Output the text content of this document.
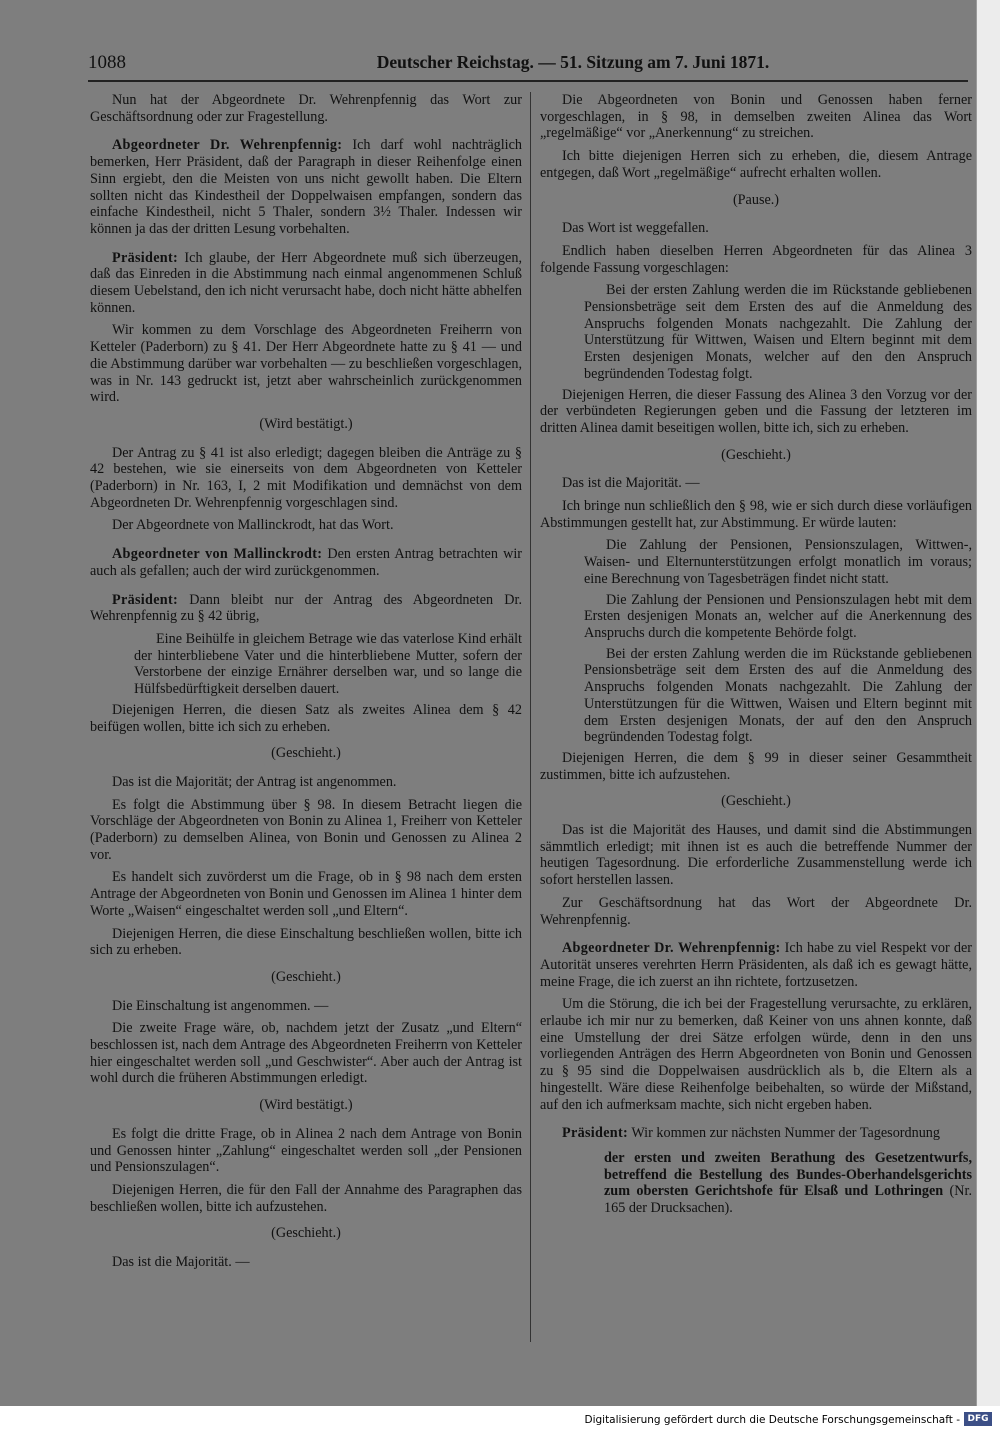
1088	Deutscher Reichstag. — 51. Sitzung am 7. Juni 1871.

Nun hat der Abgeordnete Dr. Wehrenpfennig das Wort zur Geschäftsordnung oder zur Fragestellung.

Abgeordneter Dr. Wehrenpfennig: Ich darf wohl nachträglich bemerken, Herr Präsident, daß der Paragraph in dieser Reihenfolge einen Sinn ergiebt, den die Meisten von uns nicht gewollt haben. Die Eltern sollten nicht das Kindestheil der Doppelwaisen empfangen, sondern das einfache Kindestheil, nicht 5 Thaler, sondern 3½ Thaler. Indessen wir können ja das der dritten Lesung vorbehalten.

Präsident: Ich glaube, der Herr Abgeordnete muß sich überzeugen, daß das Einreden in die Abstimmung nach einmal angenommenen Schluß diesem Uebelstand, den ich nicht verursacht habe, doch nicht hätte abhelfen können.

Wir kommen zu dem Vorschlage des Abgeordneten Freiherrn von Ketteler (Paderborn) zu § 41. Der Herr Abgeordnete hatte zu § 41 — und die Abstimmung darüber war vorbehalten — zu beschließen vorgeschlagen, was in Nr. 143 gedruckt ist, jetzt aber wahrscheinlich zurückgenommen wird.

(Wird bestätigt.)

Der Antrag zu § 41 ist also erledigt; dagegen bleiben die Anträge zu § 42 bestehen, wie sie einerseits von dem Abgeordneten von Ketteler (Paderborn) in Nr. 163, I, 2 mit Modifikation und demnächst von dem Abgeordneten Dr. Wehrenpfennig vorgeschlagen sind.

Der Abgeordnete von Mallinckrodt, hat das Wort.

Abgeordneter von Mallinckrodt: Den ersten Antrag betrachten wir auch als gefallen; auch der wird zurückgenommen.

Präsident: Dann bleibt nur der Antrag des Abgeordneten Dr. Wehrenpfennig zu § 42 übrig,

Eine Beihülfe in gleichem Betrage wie das vaterlose Kind erhält der hinterbliebene Vater und die hinterbliebene Mutter, sofern der Verstorbene der einzige Ernährer derselben war, und so lange die Hülfsbedürftigkeit derselben dauert.

Diejenigen Herren, die diesen Satz als zweites Alinea dem § 42 beifügen wollen, bitte ich sich zu erheben.

(Geschieht.)

Das ist die Majorität; der Antrag ist angenommen.

Es folgt die Abstimmung über § 98. In diesem Betracht liegen die Vorschläge der Abgeordneten von Bonin zu Alinea 1, Freiherr von Ketteler (Paderborn) zu demselben Alinea, von Bonin und Genossen zu Alinea 2 vor.

Es handelt sich zuvörderst um die Frage, ob in § 98 nach dem ersten Antrage der Abgeordneten von Bonin und Genossen im Alinea 1 hinter dem Worte „Waisen“ eingeschaltet werden soll „und Eltern“.

Diejenigen Herren, die diese Einschaltung beschließen wollen, bitte ich sich zu erheben.

(Geschieht.)

Die Einschaltung ist angenommen. —

Die zweite Frage wäre, ob, nachdem jetzt der Zusatz „und Eltern“ beschlossen ist, nach dem Antrage des Abgeordneten Freiherrn von Ketteler hier eingeschaltet werden soll „und Geschwister“. Aber auch der Antrag ist wohl durch die früheren Abstimmungen erledigt.

(Wird bestätigt.)

Es folgt die dritte Frage, ob in Alinea 2 nach dem Antrage von Bonin und Genossen hinter „Zahlung“ eingeschaltet werden soll „der Pensionen und Pensionszulagen“.

Diejenigen Herren, die für den Fall der Annahme des Paragraphen das beschließen wollen, bitte ich aufzustehen.

(Geschieht.)

Das ist die Majorität. —

Die Abgeordneten von Bonin und Genossen haben ferner vorgeschlagen, in § 98, in demselben zweiten Alinea das Wort „regelmäßige“ vor „Anerkennung“ zu streichen.

Ich bitte diejenigen Herren sich zu erheben, die, diesem Antrage entgegen, daß Wort „regelmäßige“ aufrecht erhalten wollen.

(Pause.)

Das Wort ist weggefallen.

Endlich haben dieselben Herren Abgeordneten für das Alinea 3 folgende Fassung vorgeschlagen:

Bei der ersten Zahlung werden die im Rückstande gebliebenen Pensionsbeträge seit dem Ersten des auf die Anmeldung des Anspruchs folgenden Monats nachgezahlt. Die Zahlung der Unterstützung für Wittwen, Waisen und Eltern beginnt mit dem Ersten desjenigen Monats, welcher auf den den Anspruch begründenden Todestag folgt.

Diejenigen Herren, die dieser Fassung des Alinea 3 den Vorzug vor der der verbündeten Regierungen geben und die Fassung der letzteren im dritten Alinea damit beseitigen wollen, bitte ich, sich zu erheben.

(Geschieht.)

Das ist die Majorität. —

Ich bringe nun schließlich den § 98, wie er sich durch diese vorläufigen Abstimmungen gestellt hat, zur Abstimmung. Er würde lauten:

Die Zahlung der Pensionen, Pensionszulagen, Wittwen-, Waisen- und Elternunterstützungen erfolgt monatlich im voraus; eine Berechnung von Tagesbeträgen findet nicht statt.

Die Zahlung der Pensionen und Pensionszulagen hebt mit dem Ersten desjenigen Monats an, welcher auf die Anerkennung des Anspruchs durch die kompetente Behörde folgt.

Bei der ersten Zahlung werden die im Rückstande gebliebenen Pensionsbeträge seit dem Ersten des auf die Anmeldung des Anspruchs folgenden Monats nachgezahlt. Die Zahlung der Unterstützungen für die Wittwen, Waisen und Eltern beginnt mit dem Ersten desjenigen Monats, der auf den den Anspruch begründenden Todestag folgt.

Diejenigen Herren, die dem § 99 in dieser seiner Gesammtheit zustimmen, bitte ich aufzustehen.

(Geschieht.)

Das ist die Majorität des Hauses, und damit sind die Abstimmungen sämmtlich erledigt; mit ihnen ist es auch die betreffende Nummer der heutigen Tagesordnung. Die erforderliche Zusammenstellung werde ich sofort herstellen lassen.

Zur Geschäftsordnung hat das Wort der Abgeordnete Dr. Wehrenpfennig.

Abgeordneter Dr. Wehrenpfennig: Ich habe zu viel Respekt vor der Autorität unseres verehrten Herrn Präsidenten, als daß ich es gewagt hätte, meine Frage, die ich zuerst an ihn richtete, fortzusetzen.

Um die Störung, die ich bei der Fragestellung verursachte, zu erklären, erlaube ich mir nur zu bemerken, daß Keiner von uns ahnen konnte, daß eine Umstellung der drei Sätze erfolgen würde, denn in den uns vorliegenden Anträgen des Herrn Abgeordneten von Bonin und Genossen zu § 95 sind die Doppelwaisen ausdrücklich als b, die Eltern als a hingestellt. Wäre diese Reihenfolge beibehalten, so würde der Mißstand, auf den ich aufmerksam machte, sich nicht ergeben haben.

Präsident: Wir kommen zur nächsten Nummer der Tagesordnung

der ersten und zweiten Berathung des Gesetzentwurfs, betreffend die Bestellung des Bundes-Oberhandelsgerichts zum obersten Gerichtshofe für Elsaß und Lothringen (Nr. 165 der Drucksachen).

Digitalisierung gefördert durch die Deutsche Forschungsgemeinschaft - DFG
